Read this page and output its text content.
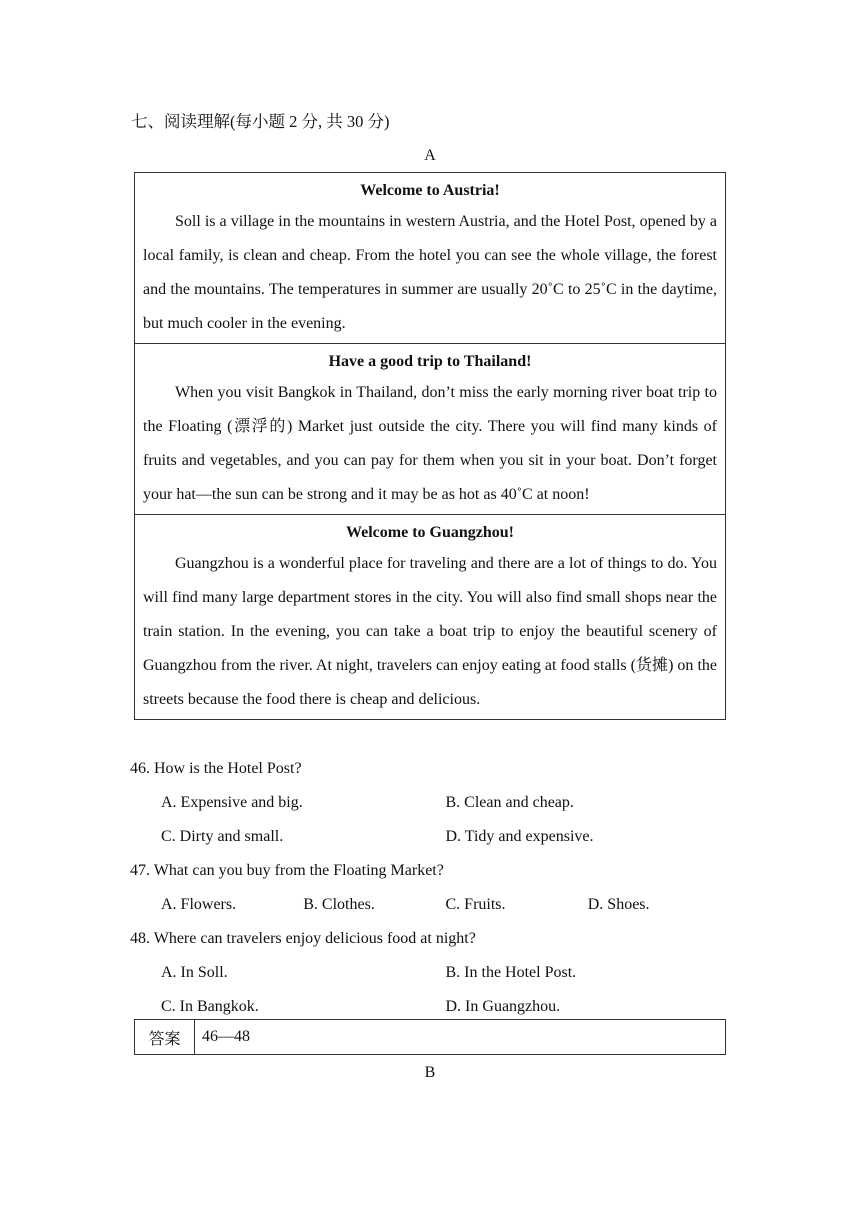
七、阅读理解(每小题 2 分, 共 30 分)
A
Welcome to Austria!

Soll is a village in the mountains in western Austria, and the Hotel Post, opened by a local family, is clean and cheap. From the hotel you can see the whole village, the forest and the mountains. The temperatures in summer are usually 20˚C to 25˚C in the daytime, but much cooler in the evening.

Have a good trip to Thailand!

When you visit Bangkok in Thailand, don’t miss the early morning river boat trip to the Floating (漂浮的) Market just outside the city. There you will find many kinds of fruits and vegetables, and you can pay for them when you sit in your boat. Don’t forget your hat—the sun can be strong and it may be as hot as 40˚C at noon!

Welcome to Guangzhou!

Guangzhou is a wonderful place for traveling and there are a lot of things to do. You will find many large department stores in the city. You will also find small shops near the train station. In the evening, you can take a boat trip to enjoy the beautiful scenery of Guangzhou from the river. At night, travelers can enjoy eating at food stalls (货摊) on the streets because the food there is cheap and delicious.

46. How is the Hotel Post?
A. Expensive and big.	B. Clean and cheap.
C. Dirty and small.	D. Tidy and expensive.
47. What can you buy from the Floating Market?
A. Flowers.	B. Clothes.	C. Fruits.	D. Shoes.
48. Where can travelers enjoy delicious food at night?
A. In Soll.	B. In the Hotel Post.
C. In Bangkok.	D. In Guangzhou.
答案	46—48
B
